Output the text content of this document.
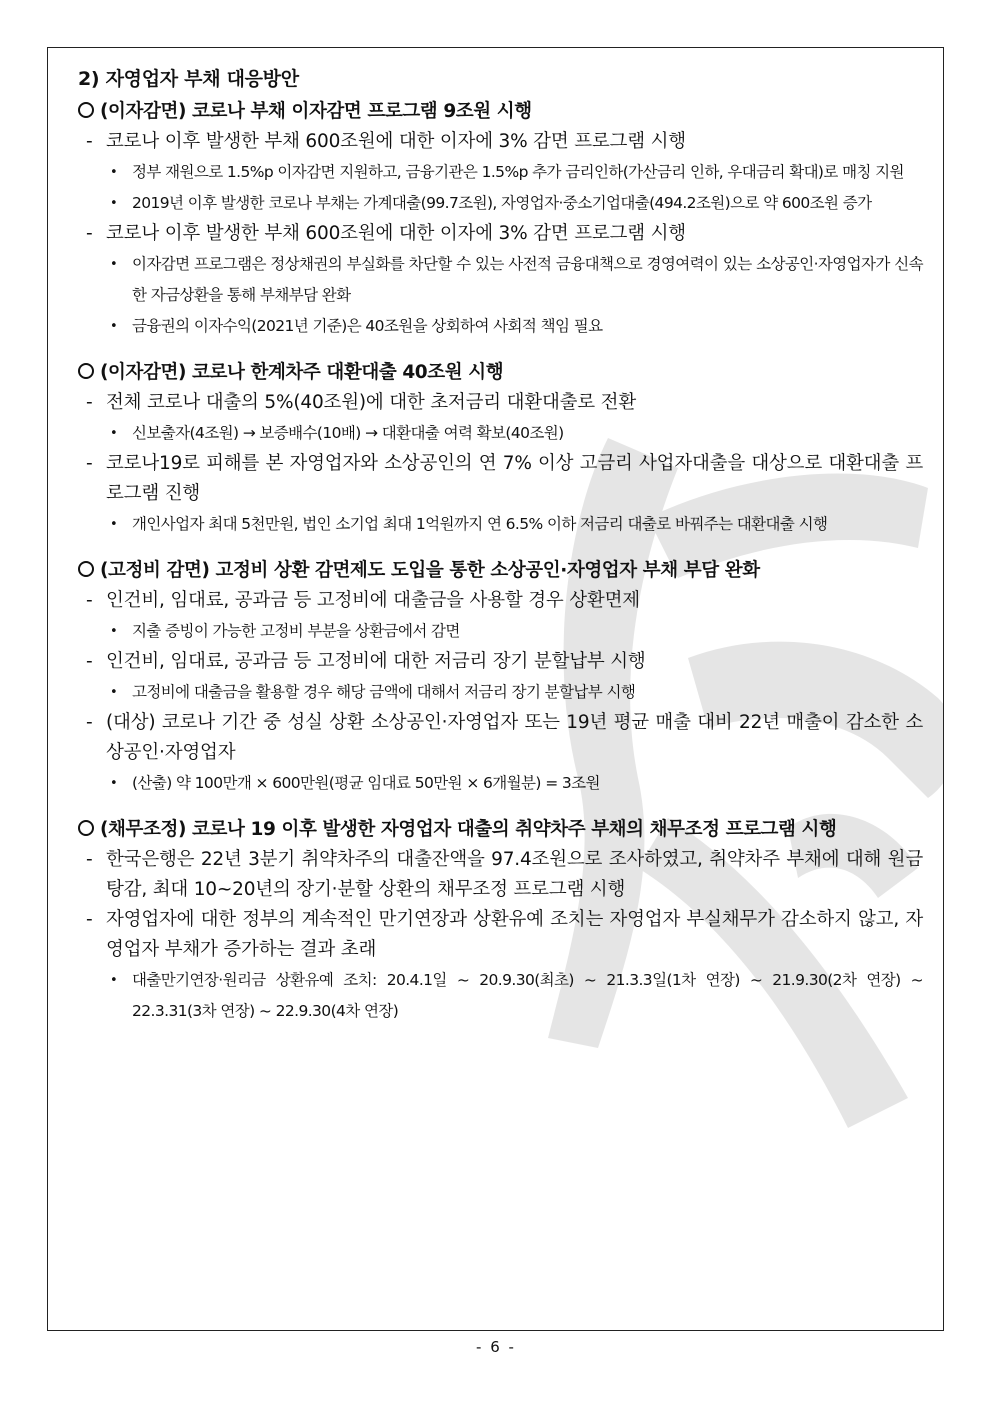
2) 자영업자 부채 대응방안
(이자감면) 코로나 부채 이자감면 프로그램 9조원 시행
- 코로나 이후 발생한 부채 600조원에 대한 이자에 3% 감면 프로그램 시행
• 정부 재원으로 1.5%p 이자감면 지원하고, 금융기관은 1.5%p 추가 금리인하(가산금리 인하, 우대금리 확대)로 매칭 지원
• 2019년 이후 발생한 코로나 부채는 가계대출(99.7조원), 자영업자·중소기업대출(494.2조원)으로 약 600조원 증가
- 코로나 이후 발생한 부채 600조원에 대한 이자에 3% 감면 프로그램 시행
• 이자감면 프로그램은 정상채권의 부실화를 차단할 수 있는 사전적 금융대책으로 경영여력이 있는 소상공인·자영업자가 신속한 자금상환을 통해 부채부담 완화
• 금융권의 이자수익(2021년 기준)은 40조원을 상회하여 사회적 책임 필요
(이자감면) 코로나 한계차주 대환대출 40조원 시행
- 전체 코로나 대출의 5%(40조원)에 대한 초저금리 대환대출로 전환
• 신보출자(4조원) → 보증배수(10배) → 대환대출 여력 확보(40조원)
- 코로나19로 피해를 본 자영업자와 소상공인의 연 7% 이상 고금리 사업자대출을 대상으로 대환대출 프로그램 진행
• 개인사업자 최대 5천만원, 법인 소기업 최대 1억원까지 연 6.5% 이하 저금리 대출로 바꿔주는 대환대출 시행
(고정비 감면) 고정비 상환 감면제도 도입을 통한 소상공인·자영업자 부채 부담 완화
- 인건비, 임대료, 공과금 등 고정비에 대출금을 사용할 경우 상환면제
• 지출 증빙이 가능한 고정비 부분을 상환금에서 감면
- 인건비, 임대료, 공과금 등 고정비에 대한 저금리 장기 분할납부 시행
• 고정비에 대출금을 활용할 경우 해당 금액에 대해서 저금리 장기 분할납부 시행
- (대상) 코로나 기간 중 성실 상환 소상공인·자영업자 또는 19년 평균 매출 대비 22년 매출이 감소한 소상공인·자영업자
• (산출) 약 100만개 × 600만원(평균 임대료 50만원 × 6개월분) = 3조원
(채무조정) 코로나 19 이후 발생한 자영업자 대출의 취약차주 부채의 채무조정 프로그램 시행
- 한국은행은 22년 3분기 취약차주의 대출잔액을 97.4조원으로 조사하였고, 취약차주 부채에 대해 원금탕감, 최대 10~20년의 장기·분할 상환의 채무조정 프로그램 시행
- 자영업자에 대한 정부의 계속적인 만기연장과 상환유예 조치는 자영업자 부실채무가 감소하지 않고, 자영업자 부채가 증가하는 결과 초래
• 대출만기연장·원리금 상환유예 조치: 20.4.1일 ~ 20.9.30(최초) ~ 21.3.3일(1차 연장) ~ 21.9.30(2차 연장) ~ 22.3.31(3차 연장) ~ 22.9.30(4차 연장)
- 6 -
